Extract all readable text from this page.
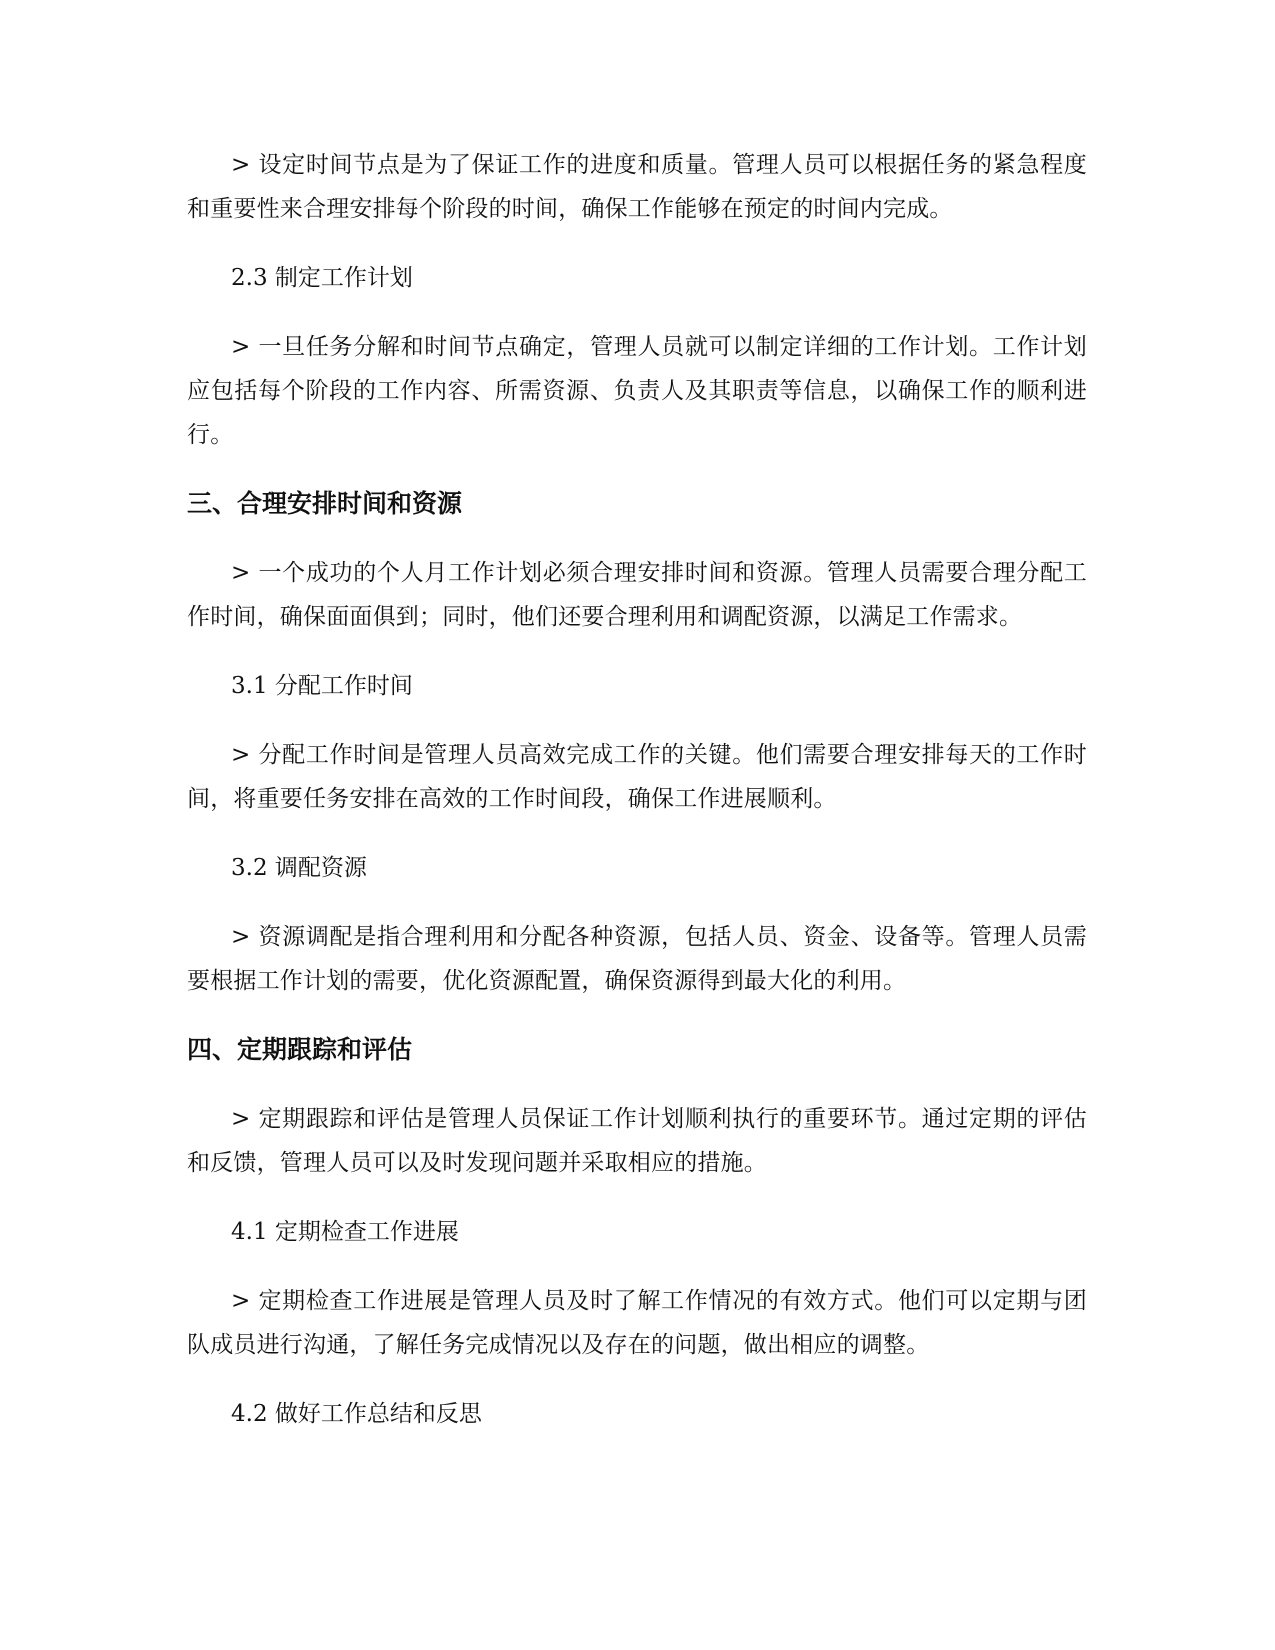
> 设定时间节点是为了保证工作的进度和质量。管理人员可以根据任务的紧急程度和重要性来合理安排每个阶段的时间，确保工作能够在预定的时间内完成。

2.3 制定工作计划

> 一旦任务分解和时间节点确定，管理人员就可以制定详细的工作计划。工作计划应包括每个阶段的工作内容、所需资源、负责人及其职责等信息，以确保工作的顺利进行。

三、合理安排时间和资源

> 一个成功的个人月工作计划必须合理安排时间和资源。管理人员需要合理分配工作时间，确保面面俱到；同时，他们还要合理利用和调配资源，以满足工作需求。

3.1 分配工作时间

> 分配工作时间是管理人员高效完成工作的关键。他们需要合理安排每天的工作时间，将重要任务安排在高效的工作时间段，确保工作进展顺利。

3.2 调配资源

> 资源调配是指合理利用和分配各种资源，包括人员、资金、设备等。管理人员需要根据工作计划的需要，优化资源配置，确保资源得到最大化的利用。

四、定期跟踪和评估

> 定期跟踪和评估是管理人员保证工作计划顺利执行的重要环节。通过定期的评估和反馈，管理人员可以及时发现问题并采取相应的措施。

4.1 定期检查工作进展

> 定期检查工作进展是管理人员及时了解工作情况的有效方式。他们可以定期与团队成员进行沟通，了解任务完成情况以及存在的问题，做出相应的调整。

4.2 做好工作总结和反思
